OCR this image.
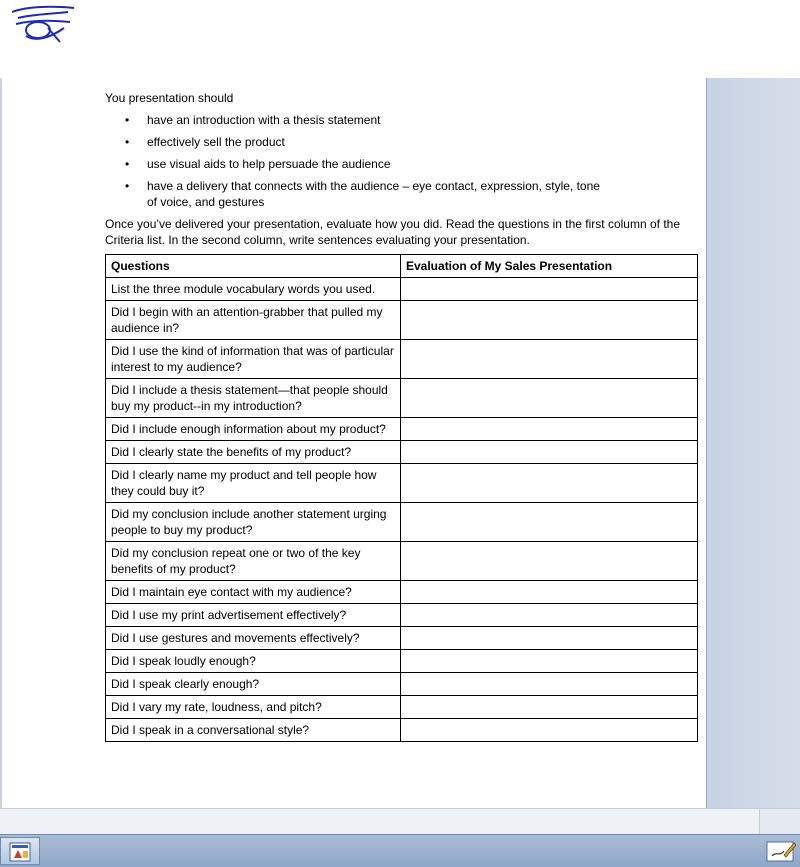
You presentation should

• have an introduction with a thesis statement
• effectively sell the product
• use visual aids to help persuade the audience
• have a delivery that connects with the audience – eye contact, expression, style, tone of voice, and gestures

Once you’ve delivered your presentation, evaluate how you did. Read the questions in the first column of the Criteria list. In the second column, write sentences evaluating your presentation.

Questions	Evaluation of My Sales Presentation
List the three module vocabulary words you used.	
Did I begin with an attention-grabber that pulled my audience in?	
Did I use the kind of information that was of particular interest to my audience?	
Did I include a thesis statement—that people should buy my product--in my introduction?	
Did I include enough information about my product?	
Did I clearly state the benefits of my product?	
Did I clearly name my product and tell people how they could buy it?	
Did my conclusion include another statement urging people to buy my product?	
Did my conclusion repeat one or two of the key benefits of my product?	
Did I maintain eye contact with my audience?	
Did I use my print advertisement effectively?	
Did I use gestures and movements effectively?	
Did I speak loudly enough?	
Did I speak clearly enough?	
Did I vary my rate, loudness, and pitch?	
Did I speak in a conversational style?	
